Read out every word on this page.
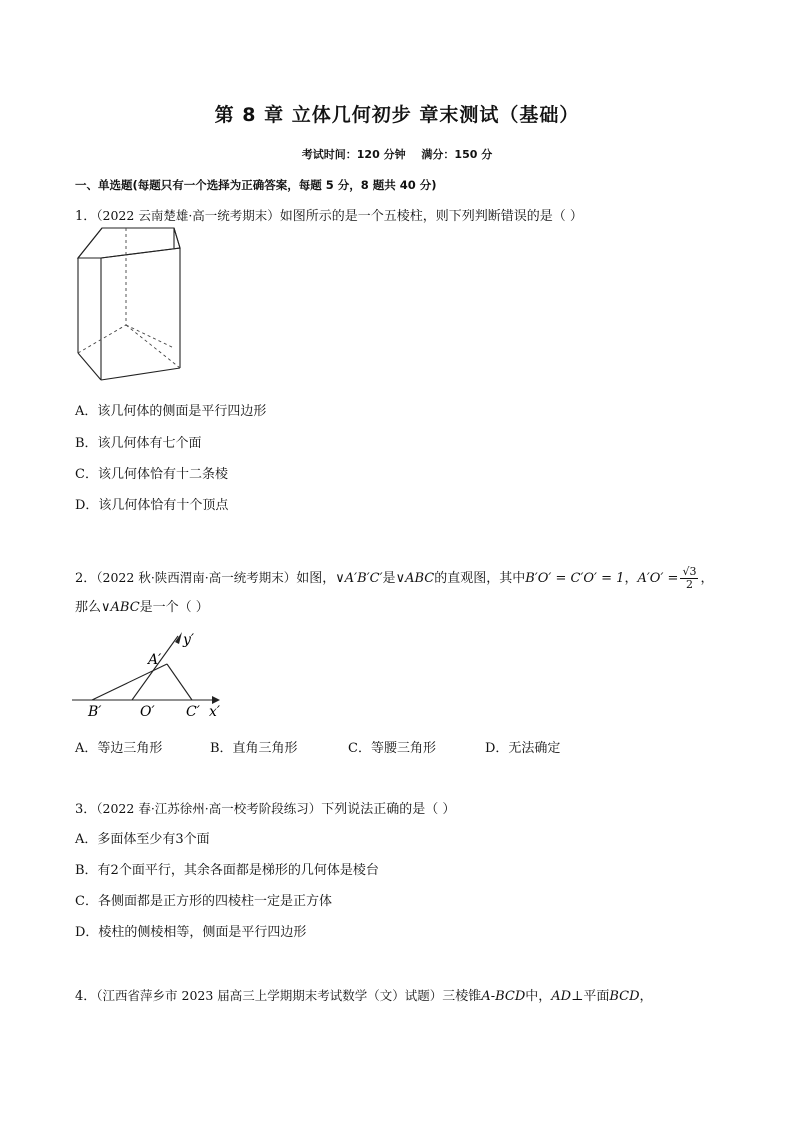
第 8 章 立体几何初步 章末测试（基础）
考试时间：120 分钟 满分：150 分
一、单选题(每题只有一个选择为正确答案，每题 5 分，8 题共 40 分)
1．（2022 云南楚雄·高一统考期末）如图所示的是一个五棱柱，则下列判断错误的是（ ）
A．该几何体的侧面是平行四边形
B．该几何体有七个面
C．该几何体恰有十二条棱
D．该几何体恰有十个顶点
2．（2022 秋·陕西渭南·高一统考期末）如图，∨A′B′C′是∨ABC的直观图，其中B′O′ = C′O′ = 1，$A'O' = \frac{√3}{2}$ ，
那么∨ABC是一个（ ）
y′
A′
B′	O′ C′ x′
A．等边三角形	B．直角三角形	C．等腰三角形	D．无法确定
3．（2022 春·江苏徐州·高一校考阶段练习）下列说法正确的是（ ）
A．多面体至少有3个面
B．有2个面平行，其余各面都是梯形的几何体是棱台
C．各侧面都是正方形的四棱柱一定是正方体
D．棱柱的侧棱相等，侧面是平行四边形
4．（江西省萍乡市 2023 届高三上学期期末考试数学（文）试题）三棱锥A-BCD中，AD⊥平面BCD，
